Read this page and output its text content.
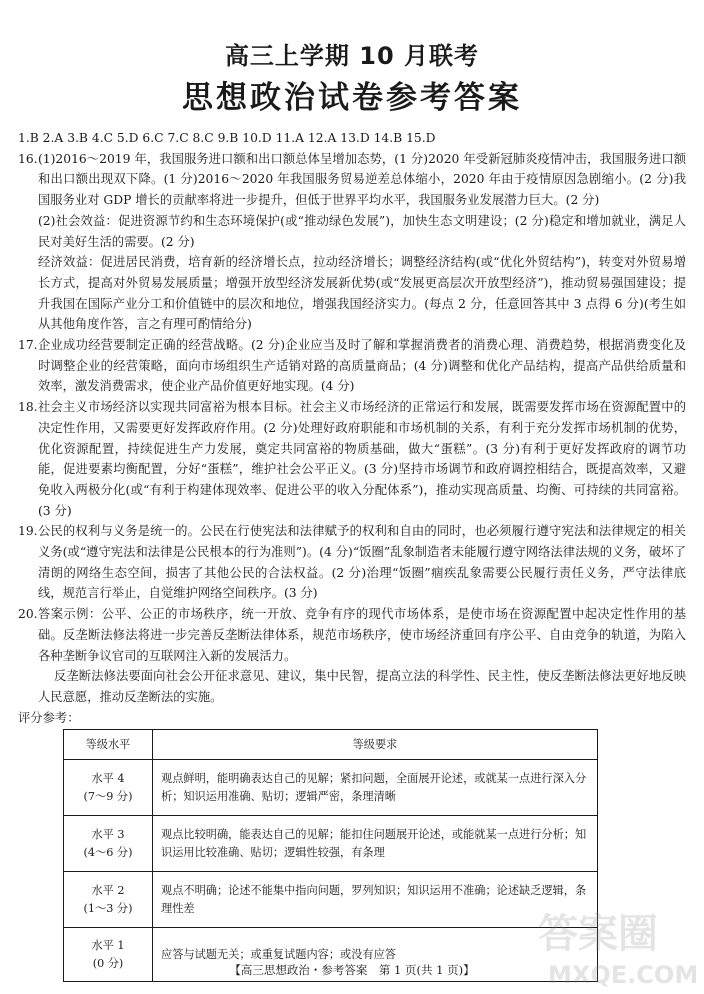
高三上学期 10 月联考
思想政治试卷参考答案

1.B 2.A 3.B 4.C 5.D 6.C 7.C 8.C 9.B 10.D 11.A 12.A 13.D 14.B 15.D

16. (1)2016～2019 年，我国服务进口额和出口额总体呈增加态势，(1 分)2020 年受新冠肺炎疫情冲击，我国服务进口额和出口额出现双下降。(1 分)2016～2020 年我国服务贸易逆差总体缩小，2020 年由于疫情原因急剧缩小。(2 分)我国服务业对 GDP 增长的贡献率将进一步提升，但低于世界平均水平，我国服务业发展潜力巨大。(2 分)

(2)社会效益：促进资源节约和生态环境保护(或“推动绿色发展”)，加快生态文明建设；(2 分)稳定和增加就业，满足人民对美好生活的需要。(2 分)

经济效益：促进居民消费，培育新的经济增长点，拉动经济增长；调整经济结构(或“优化外贸结构”)，转变对外贸易增长方式，提高对外贸易发展质量；增强开放型经济发展新优势(或“发展更高层次开放型经济”)，推动贸易强国建设；提升我国在国际产业分工和价值链中的层次和地位，增强我国经济实力。(每点 2 分，任意回答其中 3 点得 6 分)(考生如从其他角度作答，言之有理可酌情给分)

17. 企业成功经营要制定正确的经营战略。(2 分)企业应当及时了解和掌握消费者的消费心理、消费趋势，根据消费变化及时调整企业的经营策略，面向市场组织生产适销对路的高质量商品；(4 分)调整和优化产品结构，提高产品供给质量和效率，激发消费需求，使企业产品价值更好地实现。(4 分)

18. 社会主义市场经济以实现共同富裕为根本目标。社会主义市场经济的正常运行和发展，既需要发挥市场在资源配置中的决定性作用，又需要更好发挥政府作用。(2 分)处理好政府职能和市场机制的关系，有利于充分发挥市场机制的优势，优化资源配置，持续促进生产力发展，奠定共同富裕的物质基础，做大“蛋糕”。(3 分)有利于更好发挥政府的调节功能，促进要素均衡配置，分好“蛋糕”，维护社会公平正义。(3 分)坚持市场调节和政府调控相结合，既提高效率，又避免收入两极分化(或“有利于构建体现效率、促进公平的收入分配体系”)，推动实现高质量、均衡、可持续的共同富裕。(3 分)

19. 公民的权利与义务是统一的。公民在行使宪法和法律赋予的权利和自由的同时，也必须履行遵守宪法和法律规定的相关义务(或“遵守宪法和法律是公民根本的行为准则”)。(4 分)“饭圈”乱象制造者未能履行遵守网络法律法规的义务，破坏了清朗的网络生态空间，损害了其他公民的合法权益。(2 分)治理“饭圈”痼疾乱象需要公民履行责任义务，严守法律底线，规范言行举止，自觉维护网络空间秩序。(3 分)

20. 答案示例：公平、公正的市场秩序，统一开放、竞争有序的现代市场体系，是使市场在资源配置中起决定性作用的基础。反垄断法修法将进一步完善反垄断法律体系，规范市场秩序，使市场经济重回有序公平、自由竞争的轨道，为陷入各种垄断争议官司的互联网注入新的发展活力。

反垄断法修法要面向社会公开征求意见、建议，集中民智，提高立法的科学性、民主性，使反垄断法修法更好地反映人民意愿，推动反垄断法的实施。

评分参考：

等级水平	等级要求

水平 4
(7～9 分)	观点鲜明，能明确表达自己的见解；紧扣问题，全面展开论述，或就某一点进行深入分析；知识运用准确、贴切；逻辑严密，条理清晰

水平 3
(4～6 分)	观点比较明确，能表达自己的见解；能扣住问题展开论述，或能就某一点进行分析；知识运用比较准确、贴切；逻辑性较强，有条理

水平 2
(1～3 分)	观点不明确；论述不能集中指向问题，罗列知识；知识运用不准确；论述缺乏逻辑，条理性差

水平 1
(0 分)	应答与试题无关；或重复试题内容；或没有应答
【高三思想政治・参考答案　第 1 页(共 1 页)】
答案圈
MXQE.COM
